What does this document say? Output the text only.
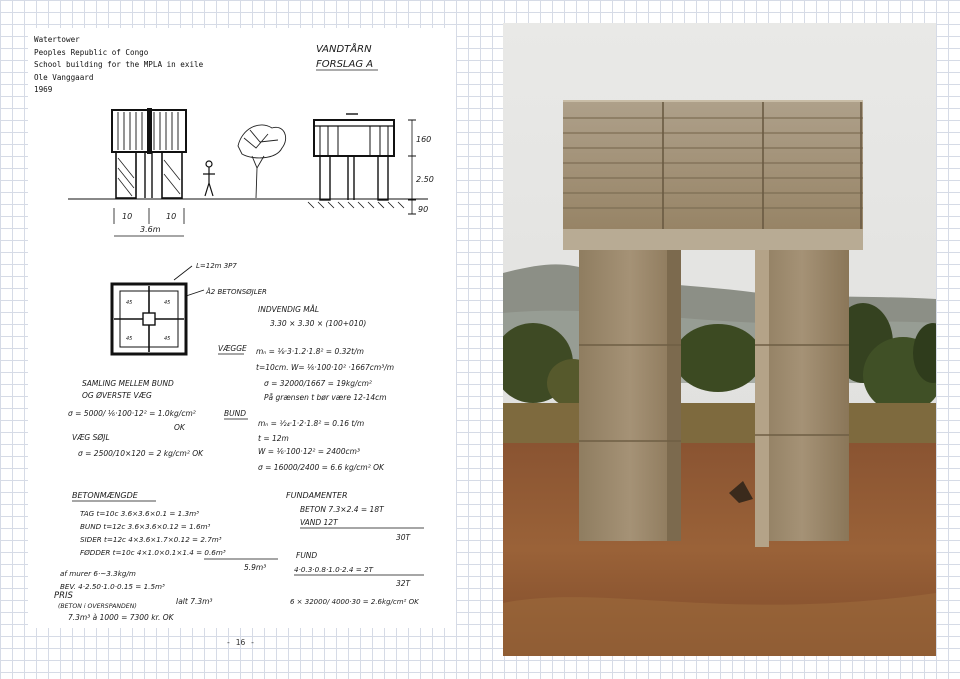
Watertower
Peoples Republic of Congo
School building for the MPLA in exile
Ole Vanggaard
1969
VANDTÅRN
FORSLAG A
160
2.50
90
10	10
3.6m
45	45
45	45
L=12m 3P7
Å2 BETONSØJLER
INDVENDIG MÅL
3.30 × 3.30 × (100+010)
VÆGGE mₙ = ⅛·3·1.2·1.8² = 0.32t/m
t=10cm. W= ⅙·100·10² ·1667cm³/m
σ = 32000/1667 = 19kg/cm²
På grænsen t bør være 12-14cm
SAMLING MELLEM BUND
OG ØVERSTE VÆG
σ = 5000/ ⅙·100·12² = 1.0kg/cm²
OK
BUND
mₙ = ¹⁄₂₄·1·2·1.8² = 0.16 t/m
t = 12m
W = ⅙·100·12² = 2400cm³
σ = 16000/2400 = 6.6 kg/cm² OK
VÆG SØJL
σ = 2500/10×120 = 2 kg/cm² OK
BETONMÆNGDE	FUNDAMENTER
TAG t=10c 3.6×3.6×0.1 = 1.3m³
BUND t=12c 3.6×3.6×0.12 = 1.6m³
SIDER t=12c 4×3.6×1.7×0.12 = 2.7m³
FØDDER t=10c 4×1.0×0.1×1.4 = 0.6m³
5.9m³
BETON 7.3×2.4 = 18T
VAND 12T
30T
FUND
4·0.3·0.8·1.0·2.4 = 2T
32T
af murer 6·~3.3kg/m
BEV. 4·2.50·1.0·0.15 = 1.5m³
PRIS
(BETON i OVERSPANDEN)
Ialt 7.3m³
7.3m³ à 1000 = 7300 kr. OK
6 × 32000/ 4000·30 = 2.6kg/cm² OK
- 16 -
